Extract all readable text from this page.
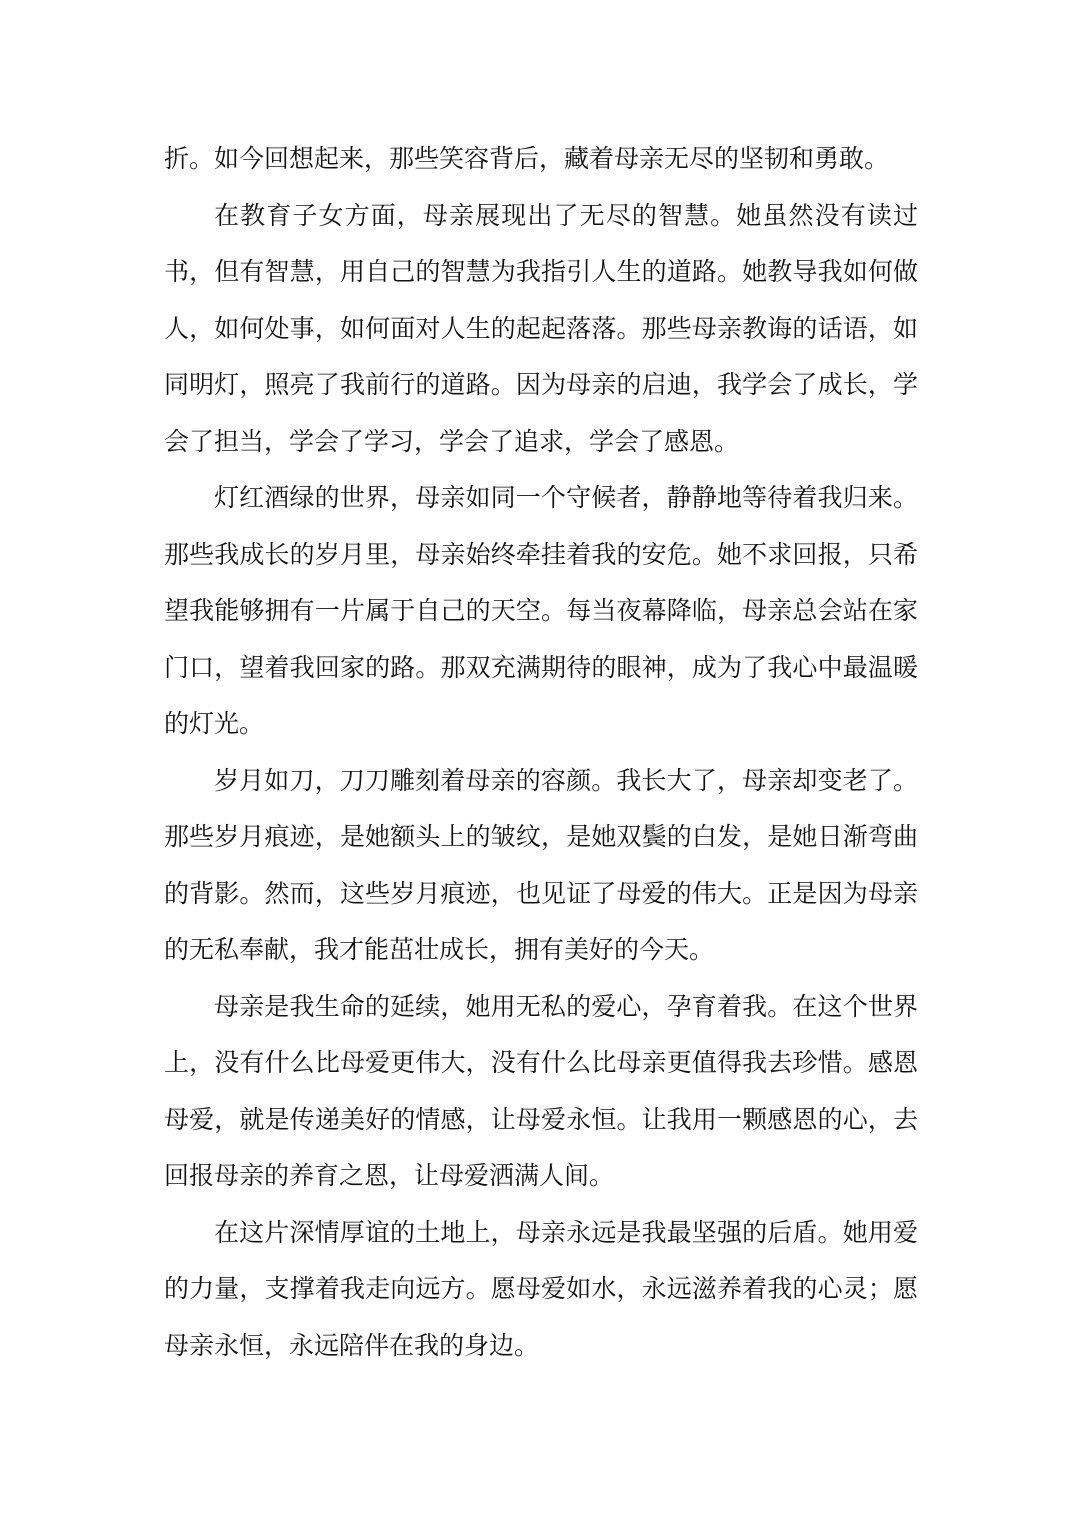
折。如今回想起来，那些笑容背后，藏着母亲无尽的坚韧和勇敢。

在教育子女方面，母亲展现出了无尽的智慧。她虽然没有读过书，但有智慧，用自己的智慧为我指引人生的道路。她教导我如何做人，如何处事，如何面对人生的起起落落。那些母亲教诲的话语，如同明灯，照亮了我前行的道路。因为母亲的启迪，我学会了成长，学会了担当，学会了学习，学会了追求，学会了感恩。

灯红酒绿的世界，母亲如同一个守候者，静静地等待着我归来。那些我成长的岁月里，母亲始终牵挂着我的安危。她不求回报，只希望我能够拥有一片属于自己的天空。每当夜幕降临，母亲总会站在家门口，望着我回家的路。那双充满期待的眼神，成为了我心中最温暖的灯光。

岁月如刀，刀刀雕刻着母亲的容颜。我长大了，母亲却变老了。那些岁月痕迹，是她额头上的皱纹，是她双鬓的白发，是她日渐弯曲的背影。然而，这些岁月痕迹，也见证了母爱的伟大。正是因为母亲的无私奉献，我才能茁壮成长，拥有美好的今天。

母亲是我生命的延续，她用无私的爱心，孕育着我。在这个世界上，没有什么比母爱更伟大，没有什么比母亲更值得我去珍惜。感恩母爱，就是传递美好的情感，让母爱永恒。让我用一颗感恩的心，去回报母亲的养育之恩，让母爱洒满人间。

在这片深情厚谊的土地上，母亲永远是我最坚强的后盾。她用爱的力量，支撑着我走向远方。愿母爱如水，永远滋养着我的心灵；愿母亲永恒，永远陪伴在我的身边。
